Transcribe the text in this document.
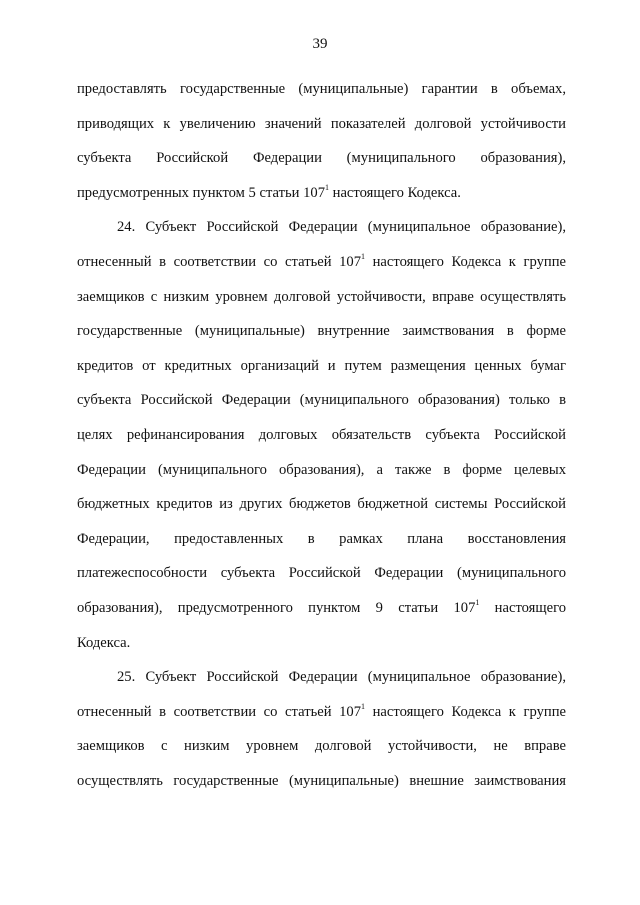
39
предоставлять государственные (муниципальные) гарантии в объемах,
приводящих к увеличению значений показателей долговой устойчивости
субъекта Российской Федерации (муниципального образования),
предусмотренных пунктом 5 статьи $107^1$ настоящего Кодекса.
24. Субъект Российской Федерации (муниципальное образование),
отнесенный в соответствии со статьей $107^1$ настоящего Кодекса к группе
заемщиков с низким уровнем долговой устойчивости, вправе осуществлять
государственные (муниципальные) внутренние заимствования в форме
кредитов от кредитных организаций и путем размещения ценных бумаг
субъекта Российской Федерации (муниципального образования) только в
целях рефинансирования долговых обязательств субъекта Российской
Федерации (муниципального образования), а также в форме целевых
бюджетных кредитов из других бюджетов бюджетной системы Российской
Федерации, предоставленных в рамках плана восстановления
платежеспособности субъекта Российской Федерации (муниципального
образования), предусмотренного пунктом 9 статьи $107^1$ настоящего
Кодекса.
25. Субъект Российской Федерации (муниципальное образование),
отнесенный в соответствии со статьей $107^1$ настоящего Кодекса к группе
заемщиков с низким уровнем долговой устойчивости, не вправе
осуществлять государственные (муниципальные) внешние заимствования
